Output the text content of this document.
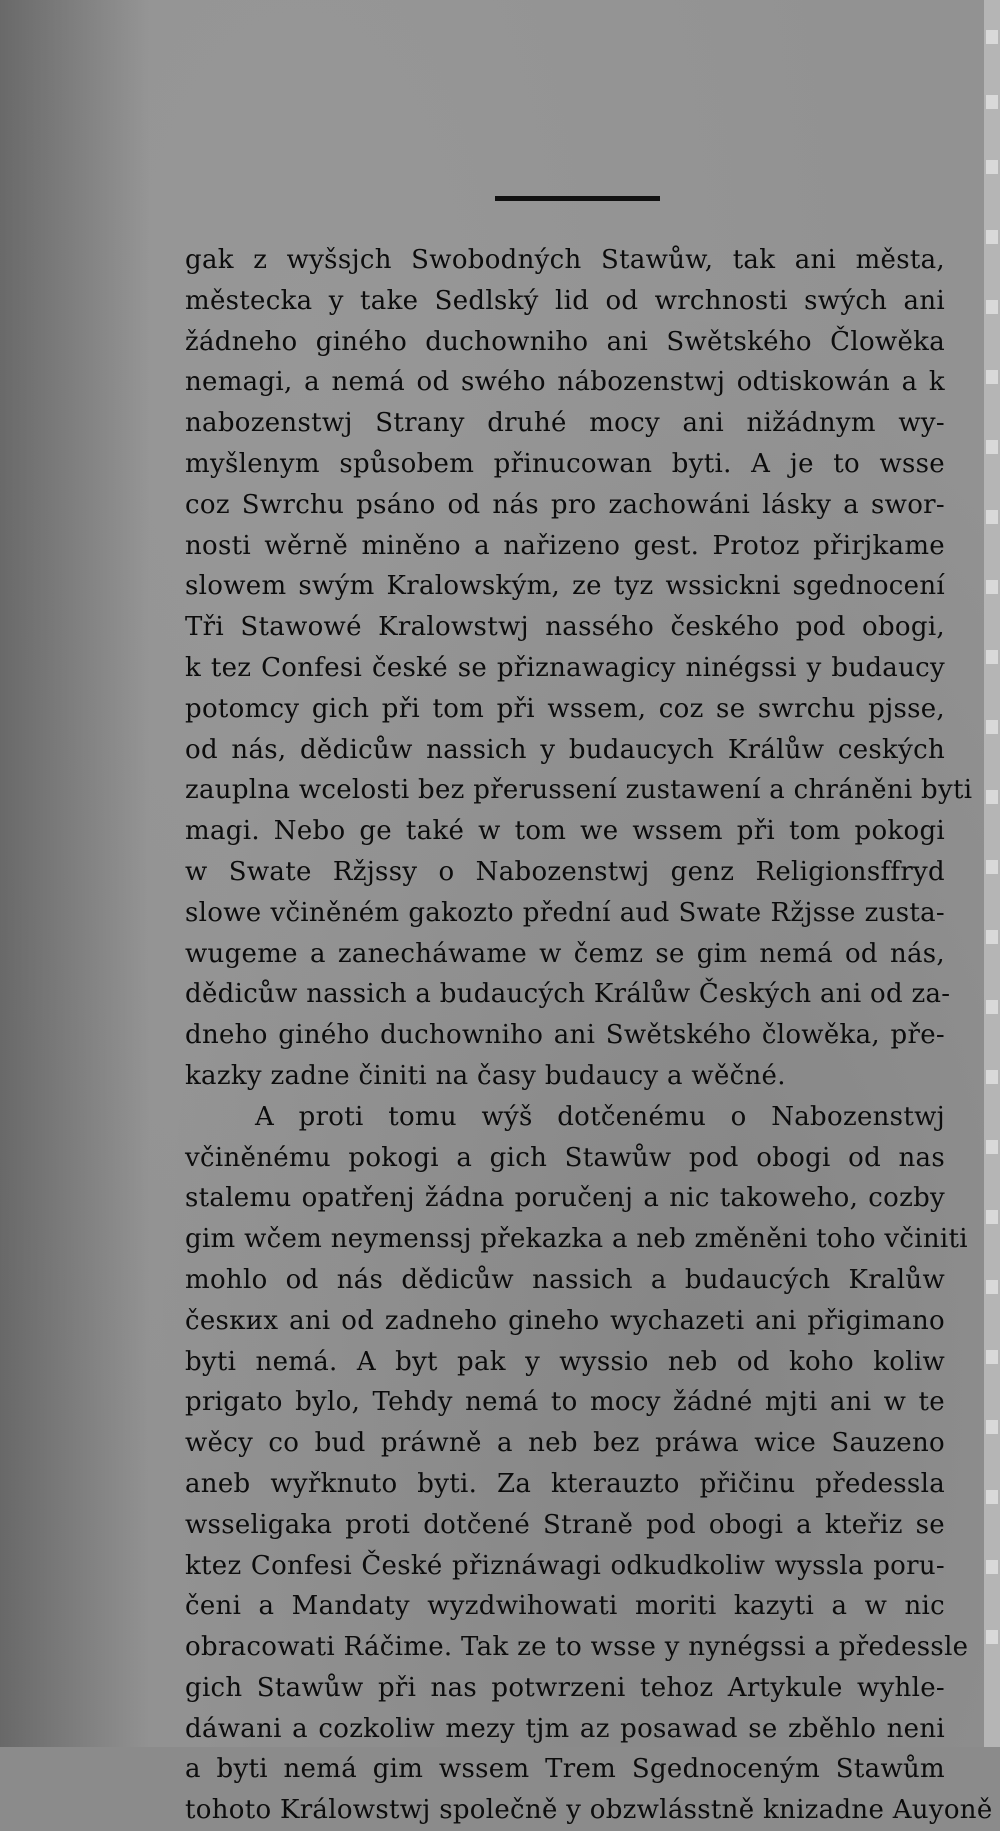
gak z wyšsjch Swobodných Stawůw, tak ani města,
městecka y take Sedlský lid od wrchnosti swých ani
žádneho giného duchowniho ani Swětského Člowěka
nemagi, a nemá od swého nábozenstwj odtiskowán a k
nabozenstwj Strany druhé mocy ani nižádnym wy-
myšlenym spůsobem přinucowan byti. A je to wsse
coz Swrchu psáno od nás pro zachowáni lásky a swor-
nosti wěrně miněno a nařizeno gest. Protoz přirjkame
slowem swým Kralowským, ze tyz wssickni sgednocení
Tři Stawowé Kralowstwj nassého českého pod obogi,
k tez Confesi české se přiznawagicy ninégssi y budaucy
potomcy gich při tom při wssem, coz se swrchu pjsse,
od nás, dědicůw nassich y budaucych Králůw ceských
zauplna wcelosti bez přerussení zustawení a chráněni byti
magi. Nebo ge také w tom we wssem při tom pokogi
w Swate Ržjssy o Nabozenstwj genz Religionsffryd
slowe včiněném gakozto přední aud Swate Ržjsse zusta-
wugeme a zanecháwame w čemz se gim nemá od nás,
dědicůw nassich a budaucých Králůw Českých ani od za-
dneho giného duchowniho ani Swětského člowěka, pře-
kazky zadne činiti na časy budaucy a wěčné.
A proti tomu wýš dotčenému o Nabozenstwj
včiněnému pokogi a gich Stawůw pod obogi od nas
stalemu opatřenj žádna poručenj a nic takoweho, cozby
gim wčem neymenssj překazka a neb změněni toho včiniti
mohlo od nás dědicůw nassich a budaucých Kralůw
česких ani od zadneho gineho wychazeti ani přigimano
byti nemá. A byt pak y wyssio neb od koho koliw
prigato bylo, Tehdy nemá to mocy žádné mjti ani w te
wěcy co bud práwně a neb bez práwa wice Sauzeno
aneb wyřknuto byti. Za kterauzto přičinu předessla
wsseligaka proti dotčené Straně pod obogi a kteřiz se
ktez Confesi České přiznáwagi odkudkoliw wyssla poru-
čeni a Mandaty wyzdwihowati moriti kazyti a w nic
obracowati Ráčime. Tak ze to wsse y nynégssi a předessle
gich Stawůw při nas potwrzeni tehoz Artykule wyhle-
dáwani a cozkoliw mezy tjm az posawad se zběhlo neni
a byti nemá gim wssem Trem Sgednoceným Stawům
tohoto Králowstwj společně y obzwlásstně knizadne Auyoně
